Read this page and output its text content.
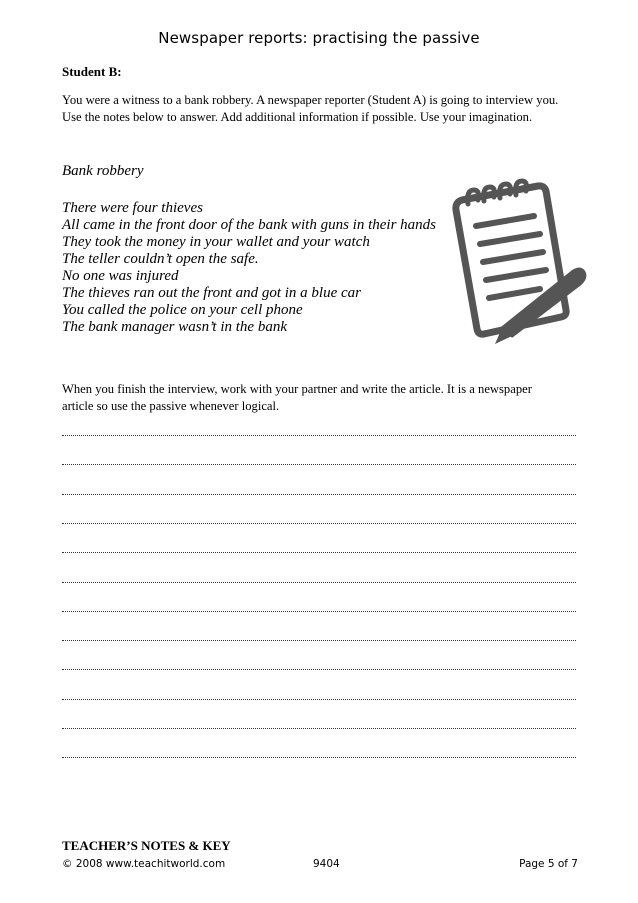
Newspaper reports: practising the passive
Student B:
You were a witness to a bank robbery. A newspaper reporter (Student A) is going to interview you.
Use the notes below to answer. Add additional information if possible. Use your imagination.
Bank robbery
There were four thieves
All came in the front door of the bank with guns in their hands
They took the money in your wallet and your watch
The teller couldn’t open the safe.
No one was injured
The thieves ran out the front and got in a blue car
You called the police on your cell phone
The bank manager wasn’t in the bank
When you finish the interview, work with your partner and write the article. It is a newspaper
article so use the passive whenever logical.
TEACHER’S NOTES & KEY
© 2008 www.teachitworld.com	9404	Page 5 of 7
